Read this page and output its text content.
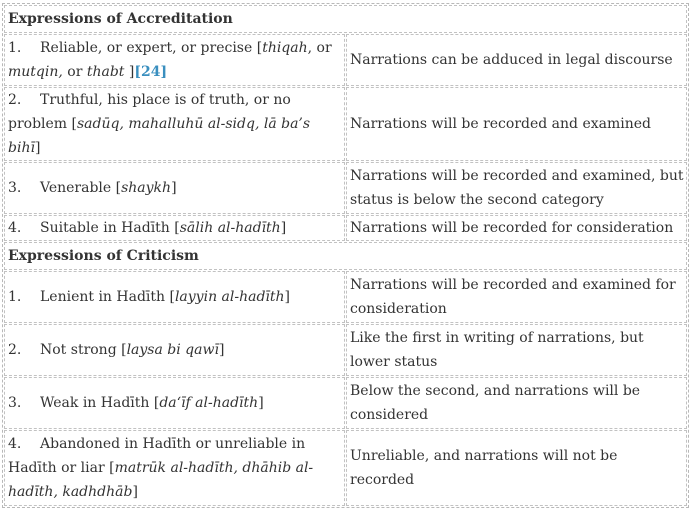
Expressions of Accreditation	
1. Reliable, or expert, or precise [thiqah, or mutqin, or thabt ][24]	Narrations can be adduced in legal discourse
2. Truthful, his place is of truth, or no problem [sadūq, mahalluhū al-sidq, lā ba’s bihī]	Narrations will be recorded and examined
3. Venerable [shaykh]	Narrations will be recorded and examined, but status is below the second category
4. Suitable in Hadīth [sālih al-hadīth]	Narrations will be recorded for consideration
Expressions of Criticism	
1. Lenient in Hadīth [layyin al-hadīth]	Narrations will be recorded and examined for consideration
2. Not strong [laysa bi qawī]	Like the first in writing of narrations, but lower status
3. Weak in Hadīth [da‘īf al-hadīth]	Below the second, and narrations will be considered
4. Abandoned in Hadīth or unreliable in Hadīth or liar [matrūk al-hadīth, dhāhib al-hadīth, kadhdhāb]	Unreliable, and narrations will not be recorded
